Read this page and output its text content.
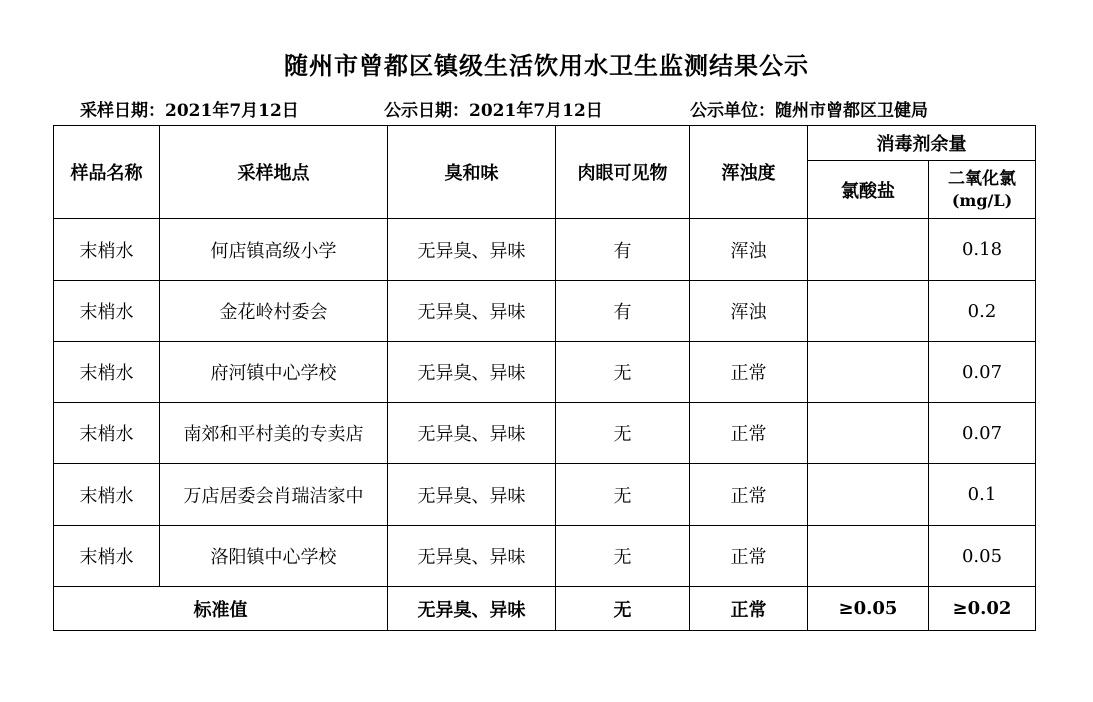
随州市曾都区镇级生活饮用水卫生监测结果公示
采样日期：2021年7月12日	公示日期：2021年7月12日	公示单位：随州市曾都区卫健局
样品名称	采样地点	臭和味	肉眼可见物	浑浊度	消毒剂余量	
					氯酸盐	二氧化氯
(mg/L)

末梢水	何店镇高级小学	无异臭、异味	有	浑浊		0.18
末梢水	金花岭村委会	无异臭、异味	有	浑浊		0.2
末梢水	府河镇中心学校	无异臭、异味	无	正常		0.07
末梢水	南郊和平村美的专卖店	无异臭、异味	无	正常		0.07
末梢水	万店居委会肖瑞洁家中	无异臭、异味	无	正常		0.1
末梢水	洛阳镇中心学校	无异臭、异味	无	正常		0.05
标准值		无异臭、异味	无	正常	≥0.05	≥0.02
